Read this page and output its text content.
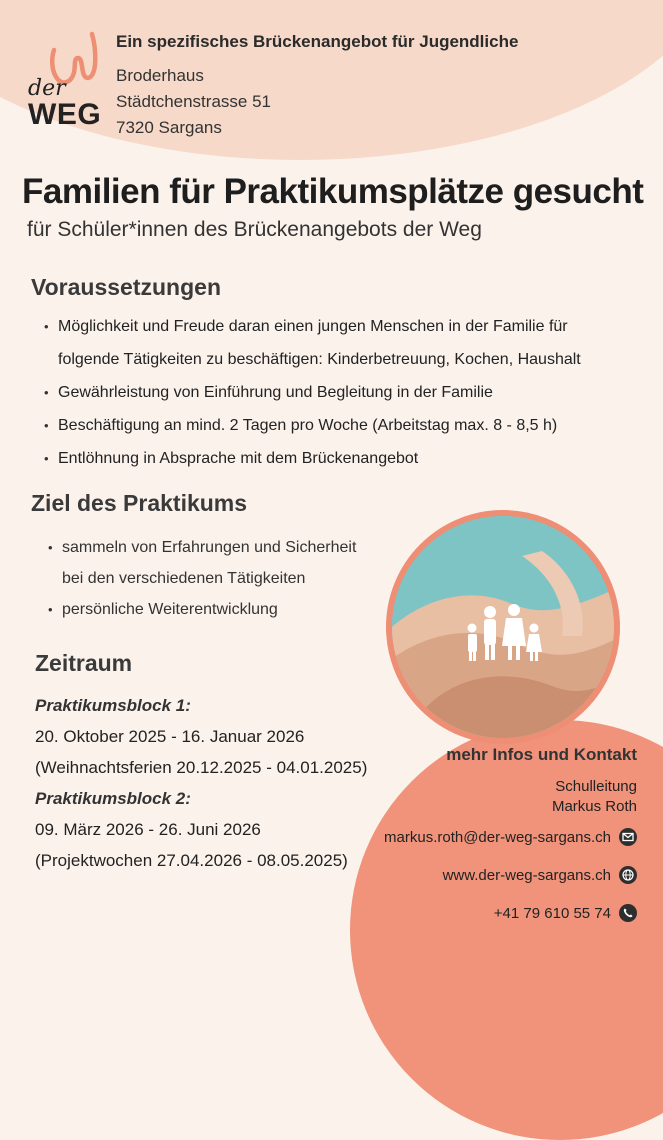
der
WEG
Ein spezifisches Brückenangebot für Jugendliche
Broderhaus
Städtchenstrasse 51
7320 Sargans
Familien für Praktikumsplätze gesucht
für Schüler*innen des Brückenangebots der Weg
Voraussetzungen
• Möglichkeit und Freude daran einen jungen Menschen in der Familie für
folgende Tätigkeiten zu beschäftigen: Kinderbetreuung, Kochen, Haushalt
• Gewährleistung von Einführung und Begleitung in der Familie
• Beschäftigung an mind. 2 Tagen pro Woche (Arbeitstag max. 8 - 8,5 h)
• Entlöhnung in Absprache mit dem Brückenangebot
Ziel des Praktikums
• sammeln von Erfahrungen und Sicherheit
bei den verschiedenen Tätigkeiten
• persönliche Weiterentwicklung
Zeitraum
Praktikumsblock 1:
20. Oktober 2025 - 16. Januar 2026
(Weihnachtsferien 20.12.2025 - 04.01.2025)
Praktikumsblock 2:
09. März 2026 - 26. Juni 2026
(Projektwochen 27.04.2026 - 08.05.2025)
mehr Infos und Kontakt
Schulleitung
Markus Roth
markus.roth@der-weg-sargans.ch
www.der-weg-sargans.ch
+41 79 610 55 74
